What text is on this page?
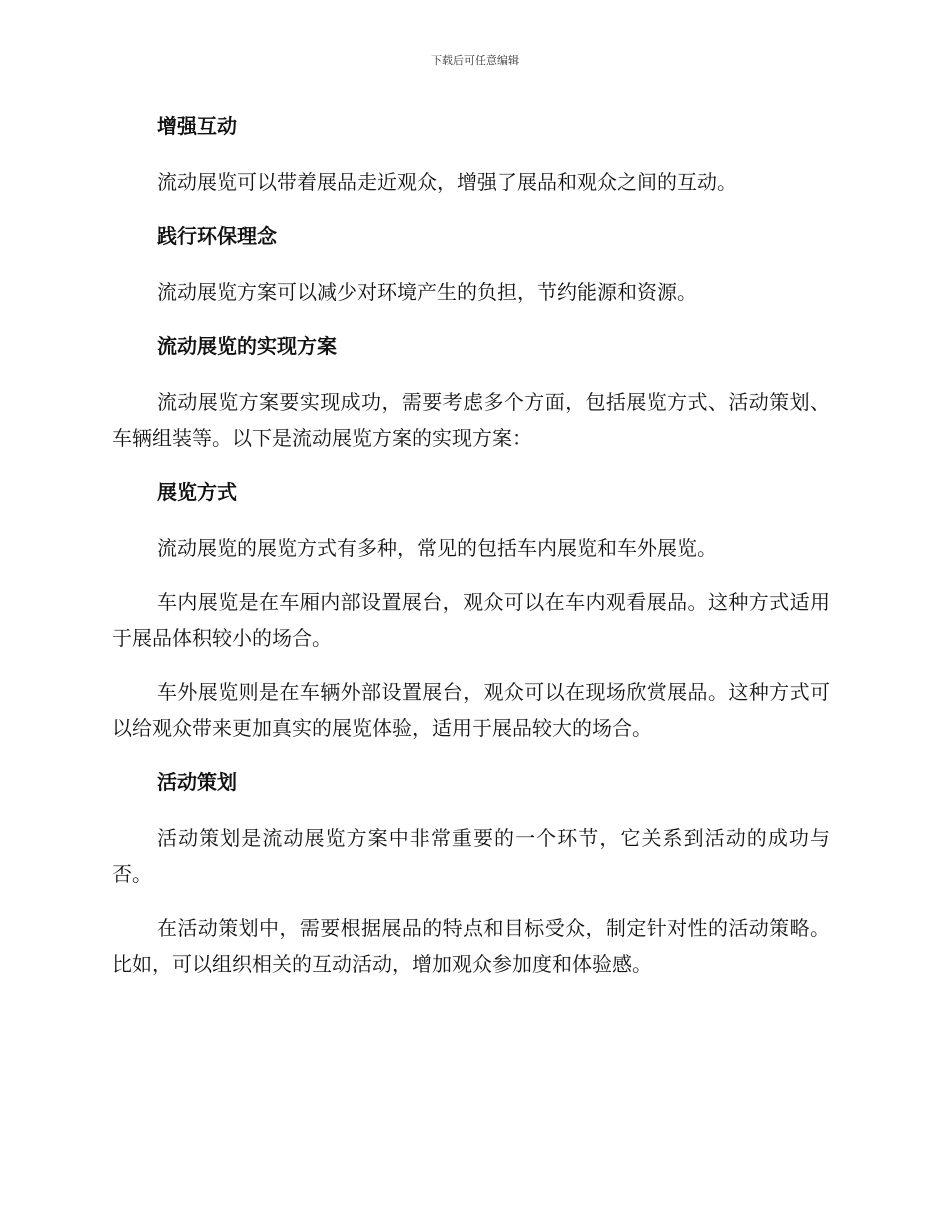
下载后可任意编辑
增强互动

流动展览可以带着展品走近观众，增强了展品和观众之间的互动。

践行环保理念

流动展览方案可以减少对环境产生的负担，节约能源和资源。

流动展览的实现方案

流动展览方案要实现成功，需要考虑多个方面，包括展览方式、活动策划、车辆组装等。以下是流动展览方案的实现方案：

展览方式

流动展览的展览方式有多种，常见的包括车内展览和车外展览。

车内展览是在车厢内部设置展台，观众可以在车内观看展品。这种方式适用于展品体积较小的场合。

车外展览则是在车辆外部设置展台，观众可以在现场欣赏展品。这种方式可以给观众带来更加真实的展览体验，适用于展品较大的场合。

活动策划

活动策划是流动展览方案中非常重要的一个环节，它关系到活动的成功与否。

在活动策划中，需要根据展品的特点和目标受众，制定针对性的活动策略。比如，可以组织相关的互动活动，增加观众参加度和体验感。
